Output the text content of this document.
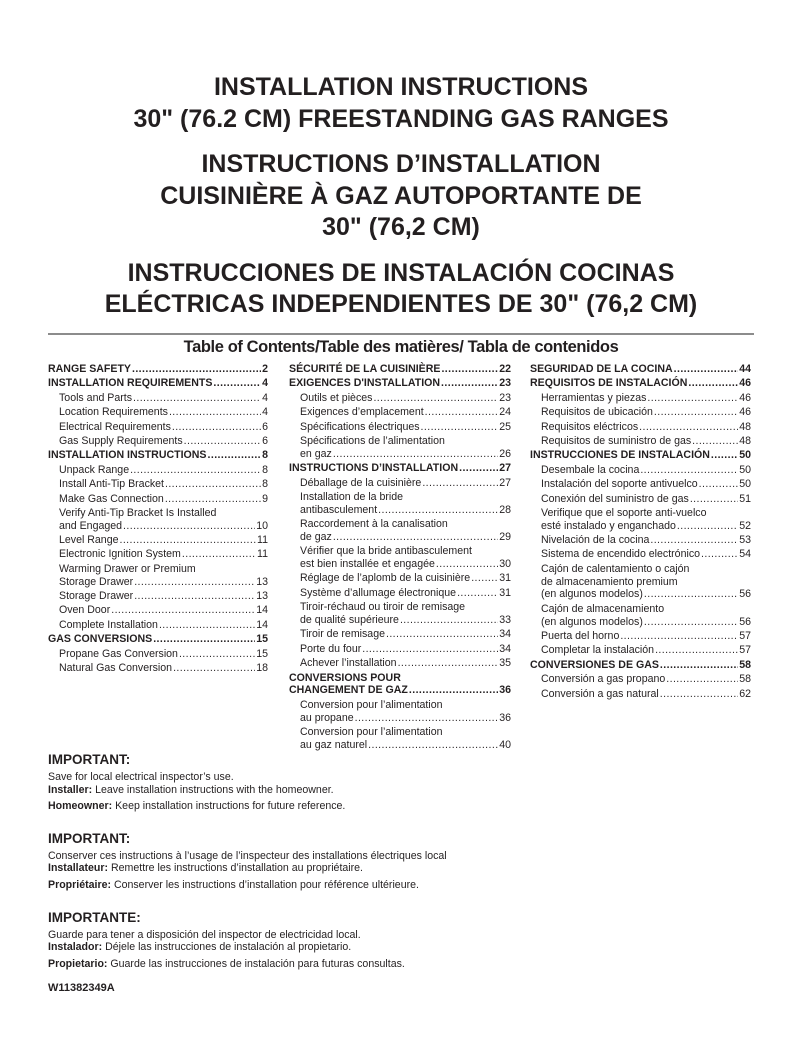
INSTALLATION INSTRUCTIONS
30" (76.2 CM) FREESTANDING GAS RANGES
INSTRUCTIONS D’INSTALLATION
CUISINIÈRE À GAZ AUTOPORTANTE DE
30" (76,2 CM)
INSTRUCCIONES DE INSTALACIÓN COCINAS
ELÉCTRICAS INDEPENDIENTES DE 30" (76,2 CM)
Table of Contents/Table des matières/ Tabla de contenidos
RANGE SAFETY .....	2
INSTALLATION REQUIREMENTS .....	4
Tools and Parts .....	4
Location Requirements .....	4
Electrical Requirements .....	6
Gas Supply Requirements .....	6
INSTALLATION INSTRUCTIONS .....	8
Unpack Range .....	8
Install Anti-Tip Bracket .....	8
Make Gas Connection .....	9
Verify Anti-Tip Bracket Is Installed
and Engaged .....	10
Level Range .....	11
Electronic Ignition System .....	11
Warming Drawer or Premium
Storage Drawer .....	13
Storage Drawer .....	13
Oven Door .....	14
Complete Installation .....	14
GAS CONVERSIONS .....	15
Propane Gas Conversion .....	15
Natural Gas Conversion .....	18
SÉCURITÉ DE LA CUISINIÈRE .....	22
EXIGENCES D'INSTALLATION .....	23
Outils et pièces .....	23
Exigences d’emplacement .....	24
Spécifications électriques .....	25
Spécifications de l’alimentation
en gaz .....	26
INSTRUCTIONS D’INSTALLATION .....	27
Déballage de la cuisinière .....	27
Installation de la bride
antibasculement .....	28
Raccordement à la canalisation
de gaz .....	29
Vérifier que la bride antibasculement
est bien installée et engagée .....	30
Réglage de l’aplomb de la cuisinière .....	31
Système d’allumage électronique .....	31
Tiroir-réchaud ou tiroir de remisage
de qualité supérieure .....	33
Tiroir de remisage .....	34
Porte du four .....	34
Achever l’installation .....	35
CONVERSIONS POUR
CHANGEMENT DE GAZ .....	36
Conversion pour l’alimentation
au propane .....	36
Conversion pour l’alimentation
au gaz naturel .....	40
SEGURIDAD DE LA COCINA .....	44
REQUISITOS DE INSTALACIÓN .....	46
Herramientas y piezas .....	46
Requisitos de ubicación .....	46
Requisitos eléctricos .....	48
Requisitos de suministro de gas .....	48
INSTRUCCIONES DE INSTALACIÓN .....	50
Desembale la cocina .....	50
Instalación del soporte antivuelco .....	50
Conexión del suministro de gas .....	51
Verifique que el soporte anti-vuelco
esté instalado y enganchado .....	52
Nivelación de la cocina .....	53
Sistema de encendido electrónico .....	54
Cajón de calentamiento o cajón
de almacenamiento premium
(en algunos modelos) .....	56
Cajón de almacenamiento
(en algunos modelos) .....	56
Puerta del horno .....	57
Completar la instalación .....	57
CONVERSIONES DE GAS .....	58
Conversión a gas propano .....	58
Conversión a gas natural .....	62
IMPORTANT:

Save for local electrical inspector’s use.

Installer: Leave installation instructions with the homeowner.

Homeowner: Keep installation instructions for future reference.

IMPORTANT:

Conserver ces instructions à l’usage de l’inspecteur des installations électriques local

Installateur: Remettre les instructions d’installation au propriétaire.

Propriétaire: Conserver les instructions d’installation pour référence ultérieure.

IMPORTANTE:

Guarde para tener a disposición del inspector de electricidad local.

Instalador: Déjele las instrucciones de instalación al propietario.

Propietario: Guarde las instrucciones de instalación para futuras consultas.

W11382349A
